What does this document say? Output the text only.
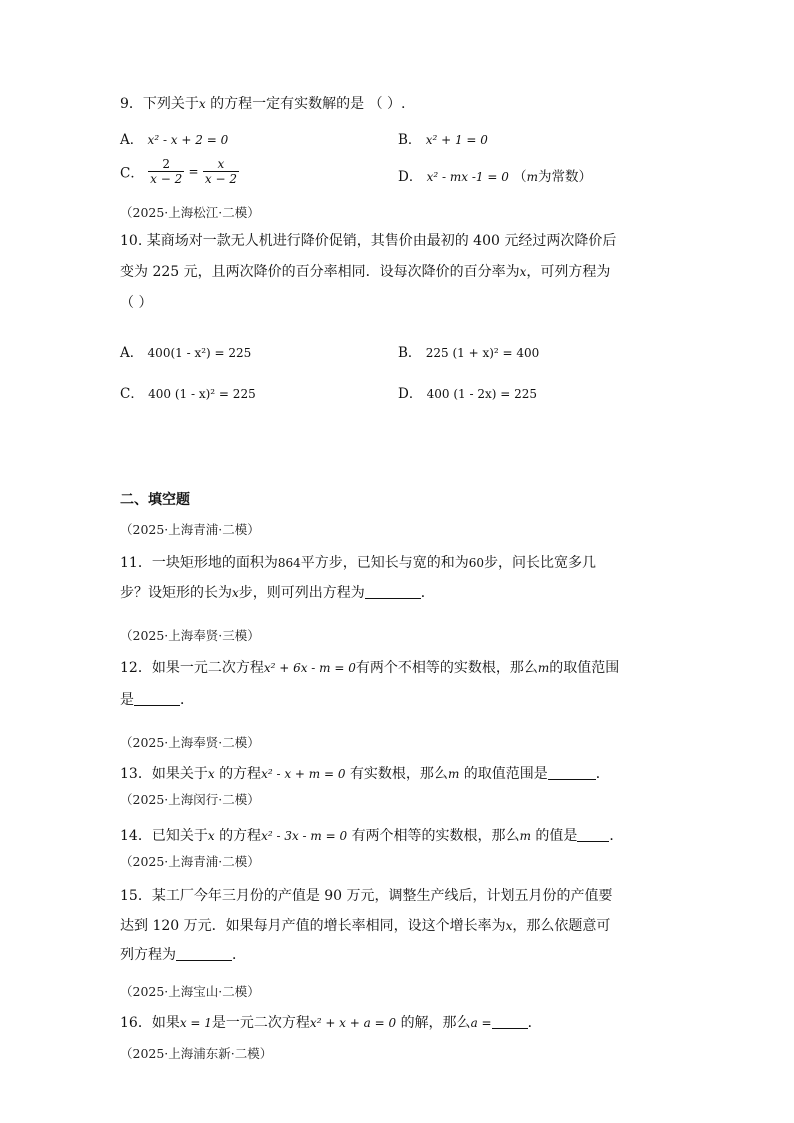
9．下列关于x 的方程一定有实数解的是 （ ）.
A． x² - x + 2 = 0	B． x² + 1 = 0
C． $\frac{2}{x - 2} = \frac{x}{x - 2}$	D． x² - mx -1 = 0 （m为常数）
（2025·上海松江·二模）
10. 某商场对一款无人机进行降价促销，其售价由最初的 400 元经过两次降价后
变为 225 元，且两次降价的百分率相同．设每次降价的百分率为x，可列方程为
（ ）
A． 400(1 - x²) = 225	B． 225 (1 + x)² = 400
C． 400 (1 - x)² = 225	D． 400 (1 - 2x) = 225
二、填空题
（2025·上海青浦·二模）
11．一块矩形地的面积为864平方步，已知长与宽的和为60步，问长比宽多几
步？设矩形的长为x步，则可列出方程为	．
（2025·上海奉贤·三模）
12．如果一元二次方程x² + 6x - m = 0有两个不相等的实数根，那么m的取值范围
是	．
（2025·上海奉贤·二模）
13．如果关于x 的方程x² - x + m = 0 有实数根，那么m 的取值范围是	．
（2025·上海闵行·二模）
14．已知关于x 的方程x² - 3x - m = 0 有两个相等的实数根，那么m 的值是 ．
（2025·上海青浦·二模）
15．某工厂今年三月份的产值是 90 万元，调整生产线后，计划五月份的产值要
达到 120 万元．如果每月产值的增长率相同，设这个增长率为x，那么依题意可
列方程为	．
（2025·上海宝山·二模）
16．如果x = 1是一元二次方程x² + x + a = 0 的解，那么a =	．
（2025·上海浦东新·二模）
